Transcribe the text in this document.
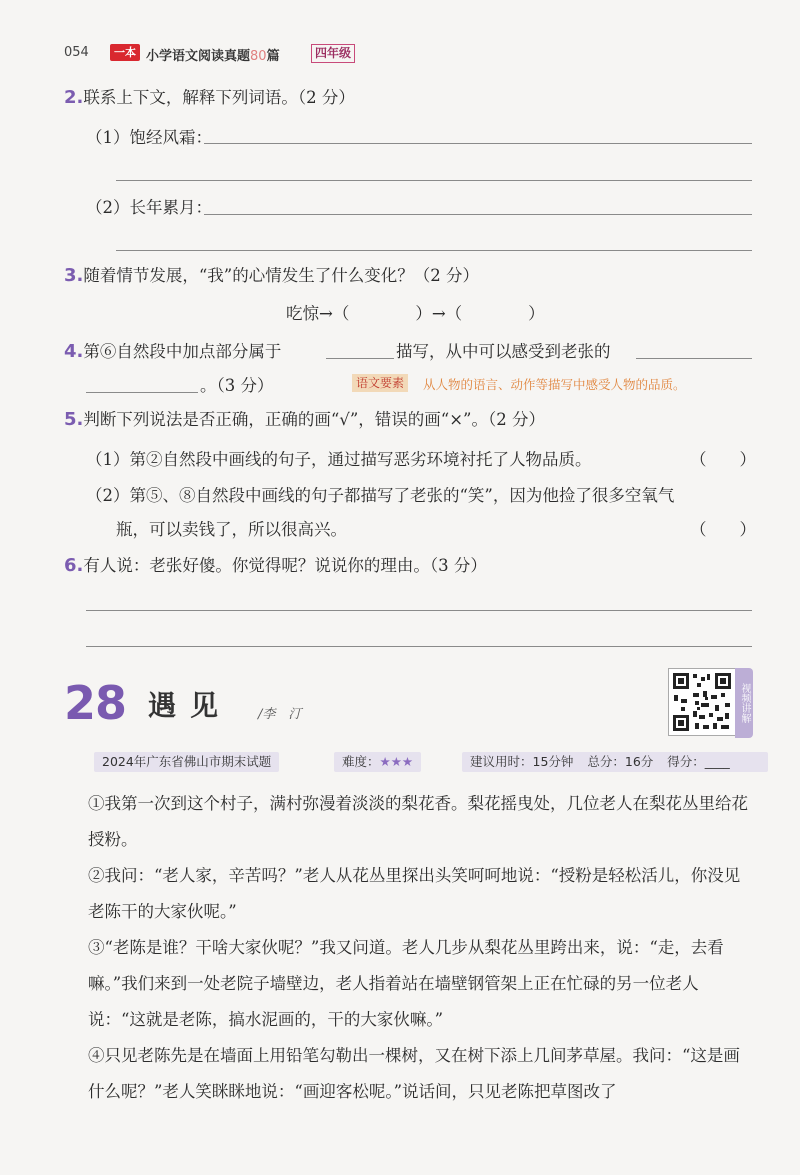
054	一本 小学语文阅读真题80篇	四年级
2.联系上下文，解释下列词语。（2 分）
（1）饱经风霜：
（2）长年累月：
3.随着情节发展，“我”的心情发生了什么变化？（2 分）
吃惊→（　　　　）→（　　　　）
4.第⑥自然段中加点部分属于	描写，从中可以感受到老张的
。（3 分）	语文要素	从人物的语言、动作等描写中感受人物的品质。
5.判断下列说法是否正确，正确的画“√”，错误的画“×”。（2 分）
（1）第②自然段中画线的句子，通过描写恶劣环境衬托了人物品质。	（　　）
（2）第⑤、⑧自然段中画线的句子都描写了老张的“笑”，因为他捡了很多空氧气
瓶，可以卖钱了，所以很高兴。	（　　）
6.有人说：老张好傻。你觉得呢？说说你的理由。（3 分）
28 遇见 /李　汀	视频讲解
2024年广东省佛山市期末试题	难度：★★★	建议用时：15分钟 总分：16分 得分：____
①我第一次到这个村子，满村弥漫着淡淡的梨花香。梨花摇曳处，几位老人在梨花丛里给花授粉。
②我问：“老人家，辛苦吗？”老人从花丛里探出头笑呵呵地说：“授粉是轻松活儿，你没见老陈干的大家伙呢。”
③“老陈是谁？干啥大家伙呢？”我又问道。老人几步从梨花丛里跨出来，说：“走，去看嘛。”我们来到一处老院子墙壁边，老人指着站在墙壁钢管架上正在忙碌的另一位老人说：“这就是老陈，搞水泥画的，干的大家伙嘛。”
④只见老陈先是在墙面上用铅笔勾勒出一棵树，又在树下添上几间茅草屋。我问：“这是画什么呢？”老人笑眯眯地说：“画迎客松呢。”说话间，只见老陈把草图改了
